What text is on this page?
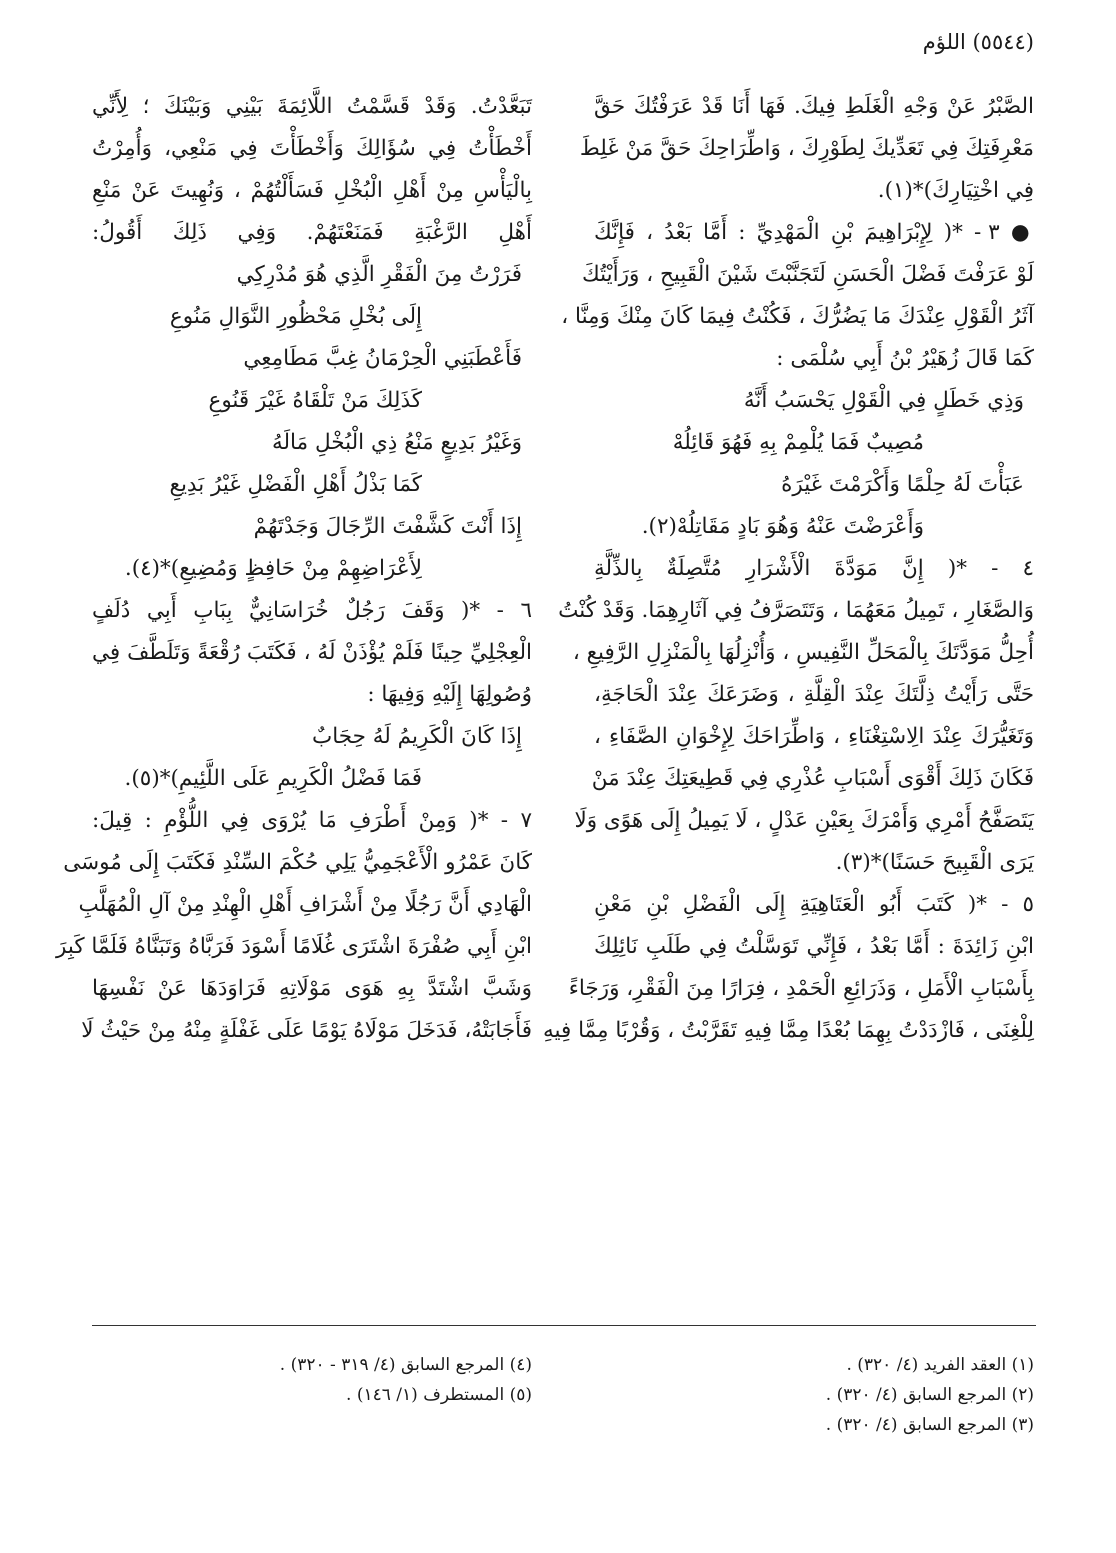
(٥٥٤٤) اللؤم
الصَّبْرُ عَنْ وَجْهِ الْغَلَطِ فِيكَ. فَهَا أَنَا قَدْ عَرَفْتُكَ حَقَّ
مَعْرِفَتِكَ فِي تَعَدِّيكَ لِطَوْرِكَ ، وَاطِّرَاحِكَ حَقَّ مَنْ غَلِطَ
فِي اخْتِيَارِكَ)*(١).
● ٣ - *( لِإِبْرَاهِيمَ بْنِ الْمَهْدِيِّ : أَمَّا بَعْدُ ، فَإِنَّكَ
لَوْ عَرَفْتَ فَضْلَ الْحَسَنِ لَتَجَنَّبْتَ شَيْنَ الْقَبِيحِ ، وَرَأَيْتُكَ
آثَرُ الْقَوْلِ عِنْدَكَ مَا يَضُرُّكَ ، فَكُنْتُ فِيمَا كَانَ مِنْكَ وَمِنَّا ،
كَمَا قَالَ زُهَيْرُ بْنُ أَبِي سُلْمَى :
وَذِي خَطَلٍ فِي الْقَوْلِ يَحْسَبُ أَنَّهُ
مُصِيبٌ فَمَا يُلْمِمْ بِهِ فَهُوَ قَائِلُهْ
عَبَأْتَ لَهُ حِلْمًا وَأَكْرَمْتَ غَيْرَهُ
وَأَعْرَضْتَ عَنْهُ وَهُوَ بَادٍ مَقَاتِلُهْ(٢).
٤ - *( إِنَّ مَوَدَّةَ الْأَشْرَارِ مُتَّصِلَةٌ بِالذِّلَّةِ
وَالصَّغَارِ ، تَمِيلُ مَعَهُمَا ، وَتَتَصَرَّفُ فِي آثَارِهِمَا. وَقَدْ كُنْتُ
أُحِلُّ مَوَدَّتَكَ بِالْمَحَلِّ النَّفِيسِ ، وَأُنْزِلُهَا بِالْمَنْزِلِ الرَّفِيعِ ،
حَتَّى رَأَيْتُ ذِلَّتَكَ عِنْدَ الْقِلَّةِ ، وَضَرَعَكَ عِنْدَ الْحَاجَةِ،
وَتَغَيُّرَكَ عِنْدَ الِاسْتِغْنَاءِ ، وَاطِّرَاحَكَ لِإِخْوَانِ الصَّفَاءِ ،
فَكَانَ ذَلِكَ أَقْوَى أَسْبَابِ عُذْرِي فِي قَطِيعَتِكَ عِنْدَ مَنْ
يَتَصَفَّحُ أَمْرِي وَأَمْرَكَ بِعَيْنِ عَدْلٍ ، لَا يَمِيلُ إِلَى هَوًى وَلَا
يَرَى الْقَبِيحَ حَسَنًا)*(٣).
٥ - *( كَتَبَ أَبُو الْعَتَاهِيَةِ إِلَى الْفَضْلِ بْنِ مَعْنِ
ابْنِ زَائِدَةَ : أَمَّا بَعْدُ ، فَإِنِّي تَوَسَّلْتُ فِي طَلَبِ نَائِلِكَ
بِأَسْبَابِ الْأَمَلِ ، وَذَرَائِعِ الْحَمْدِ ، فِرَارًا مِنَ الْفَقْرِ، وَرَجَاءً
لِلْغِنَى ، فَازْدَدْتُ بِهِمَا بُعْدًا مِمَّا فِيهِ تَقَرَّبْتُ ، وَقُرْبًا مِمَّا فِيهِ
تَبَعَّدْتُ. وَقَدْ قَسَّمْتُ اللَّائِمَةَ بَيْنِي وَبَيْنَكَ ؛ لِأَنِّي
أَخْطَأْتُ فِي سُؤَالِكَ وَأَخْطَأْتَ فِي مَنْعِي، وَأُمِرْتُ
بِالْيَأْسِ مِنْ أَهْلِ الْبُخْلِ فَسَأَلْتُهُمْ ، وَنُهِيتَ عَنْ مَنْعِ
أَهْلِ الرَّغْبَةِ فَمَنَعْتَهُمْ. وَفِي ذَلِكَ أَقُولُ:
فَرَرْتُ مِنَ الْفَقْرِ الَّذِي هُوَ مُدْرِكِي
إِلَى بُخْلِ مَحْظُورِ النَّوَالِ مَنُوعِ
فَأَعْطَبَنِي الْحِرْمَانُ غِبَّ مَطَامِعِي
كَذَلِكَ مَنْ تَلْقَاهُ غَيْرَ قَنُوعِ
وَغَيْرُ بَدِيعٍ مَنْعُ ذِي الْبُخْلِ مَالَهُ
كَمَا بَذْلُ أَهْلِ الْفَضْلِ غَيْرُ بَدِيعِ
إِذَا أَنْتَ كَشَّفْتَ الرِّجَالَ وَجَدْتَهُمْ
لِأَعْرَاضِهِمْ مِنْ حَافِظٍ وَمُضِيعِ)*(٤).
٦ - *( وَقَفَ رَجُلٌ خُرَاسَانِيٌّ بِبَابِ أَبِي دُلَفٍ
الْعِجْلِيِّ حِينًا فَلَمْ يُؤْذَنْ لَهُ ، فَكَتَبَ رُقْعَةً وَتَلَطَّفَ فِي
وُصُولِهَا إِلَيْهِ وَفِيهَا :
إِذَا كَانَ الْكَرِيمُ لَهُ حِجَابٌ
فَمَا فَضْلُ الْكَرِيمِ عَلَى اللَّئِيمِ)*(٥).
٧ - *( وَمِنْ أَطْرَفِ مَا يُرْوَى فِي اللُّؤْمِ : قِيلَ:
كَانَ عَمْرُو الْأَعْجَمِيُّ يَلِي حُكْمَ السِّنْدِ فَكَتَبَ إِلَى مُوسَى
الْهَادِي أَنَّ رَجُلًا مِنْ أَشْرَافِ أَهْلِ الْهِنْدِ مِنْ آلِ الْمُهَلَّبِ
ابْنِ أَبِي صُفْرَةَ اشْتَرَى غُلَامًا أَسْوَدَ فَرَبَّاهُ وَتَبَنَّاهُ فَلَمَّا كَبِرَ
وَشَبَّ اشْتَدَّ بِهِ هَوَى مَوْلَاتِهِ فَرَاوَدَهَا عَنْ نَفْسِهَا
فَأَجَابَتْهُ، فَدَخَلَ مَوْلَاهُ يَوْمًا عَلَى غَفْلَةٍ مِنْهُ مِنْ حَيْثُ لَا
(١) العقد الفريد (٤/ ٣٢٠) .
(٢) المرجع السابق (٤/ ٣٢٠) .
(٣) المرجع السابق (٤/ ٣٢٠) .
(٤) المرجع السابق (٤/ ٣١٩ - ٣٢٠) .
(٥) المستطرف (١/ ١٤٦) .
